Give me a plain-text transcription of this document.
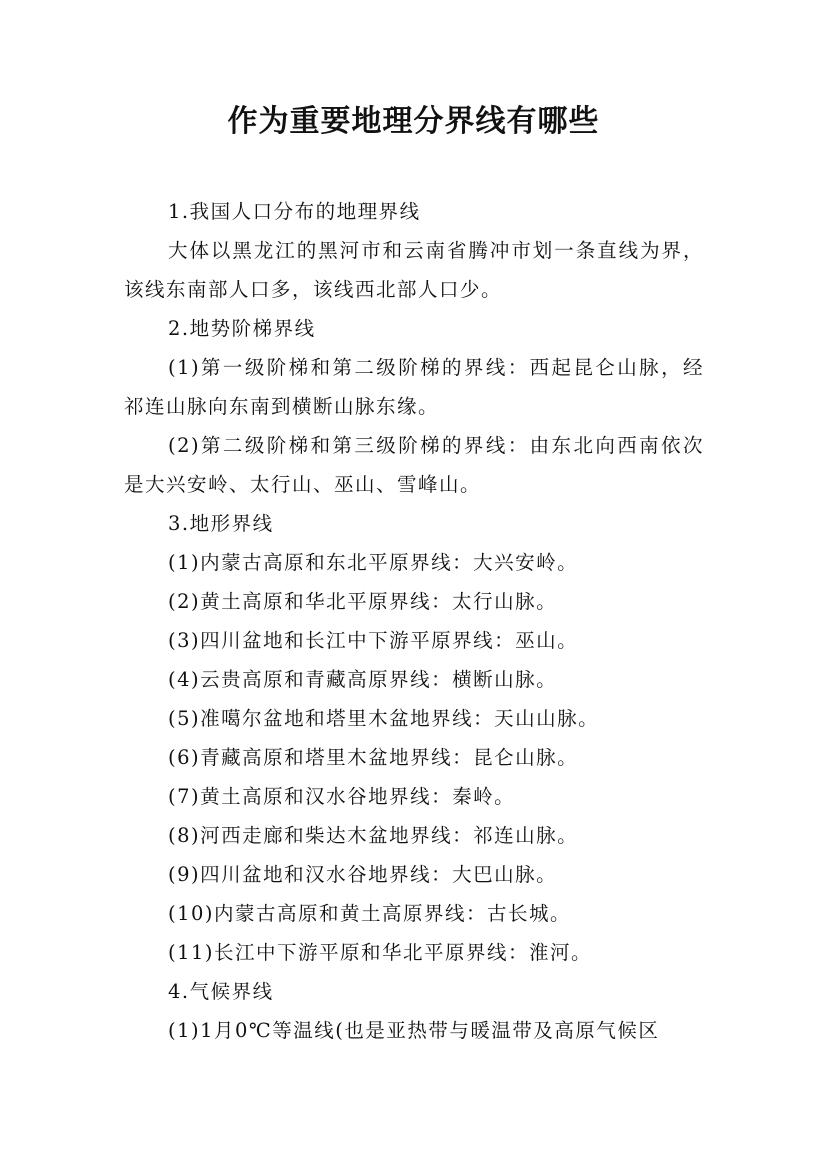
作为重要地理分界线有哪些

1.我国人口分布的地理界线

大体以黑龙江的黑河市和云南省腾冲市划一条直线为界，该线东南部人口多，该线西北部人口少。

2.地势阶梯界线

(1)第一级阶梯和第二级阶梯的界线：西起昆仑山脉，经祁连山脉向东南到横断山脉东缘。

(2)第二级阶梯和第三级阶梯的界线：由东北向西南依次是大兴安岭、太行山、巫山、雪峰山。

3.地形界线

(1)内蒙古高原和东北平原界线：大兴安岭。

(2)黄土高原和华北平原界线：太行山脉。

(3)四川盆地和长江中下游平原界线：巫山。

(4)云贵高原和青藏高原界线：横断山脉。

(5)准噶尔盆地和塔里木盆地界线：天山山脉。

(6)青藏高原和塔里木盆地界线：昆仑山脉。

(7)黄土高原和汉水谷地界线：秦岭。

(8)河西走廊和柴达木盆地界线：祁连山脉。

(9)四川盆地和汉水谷地界线：大巴山脉。

(10)内蒙古高原和黄土高原界线：古长城。

(11)长江中下游平原和华北平原界线：淮河。

4.气候界线

(1)1月0℃等温线(也是亚热带与暖温带及高原气候区
